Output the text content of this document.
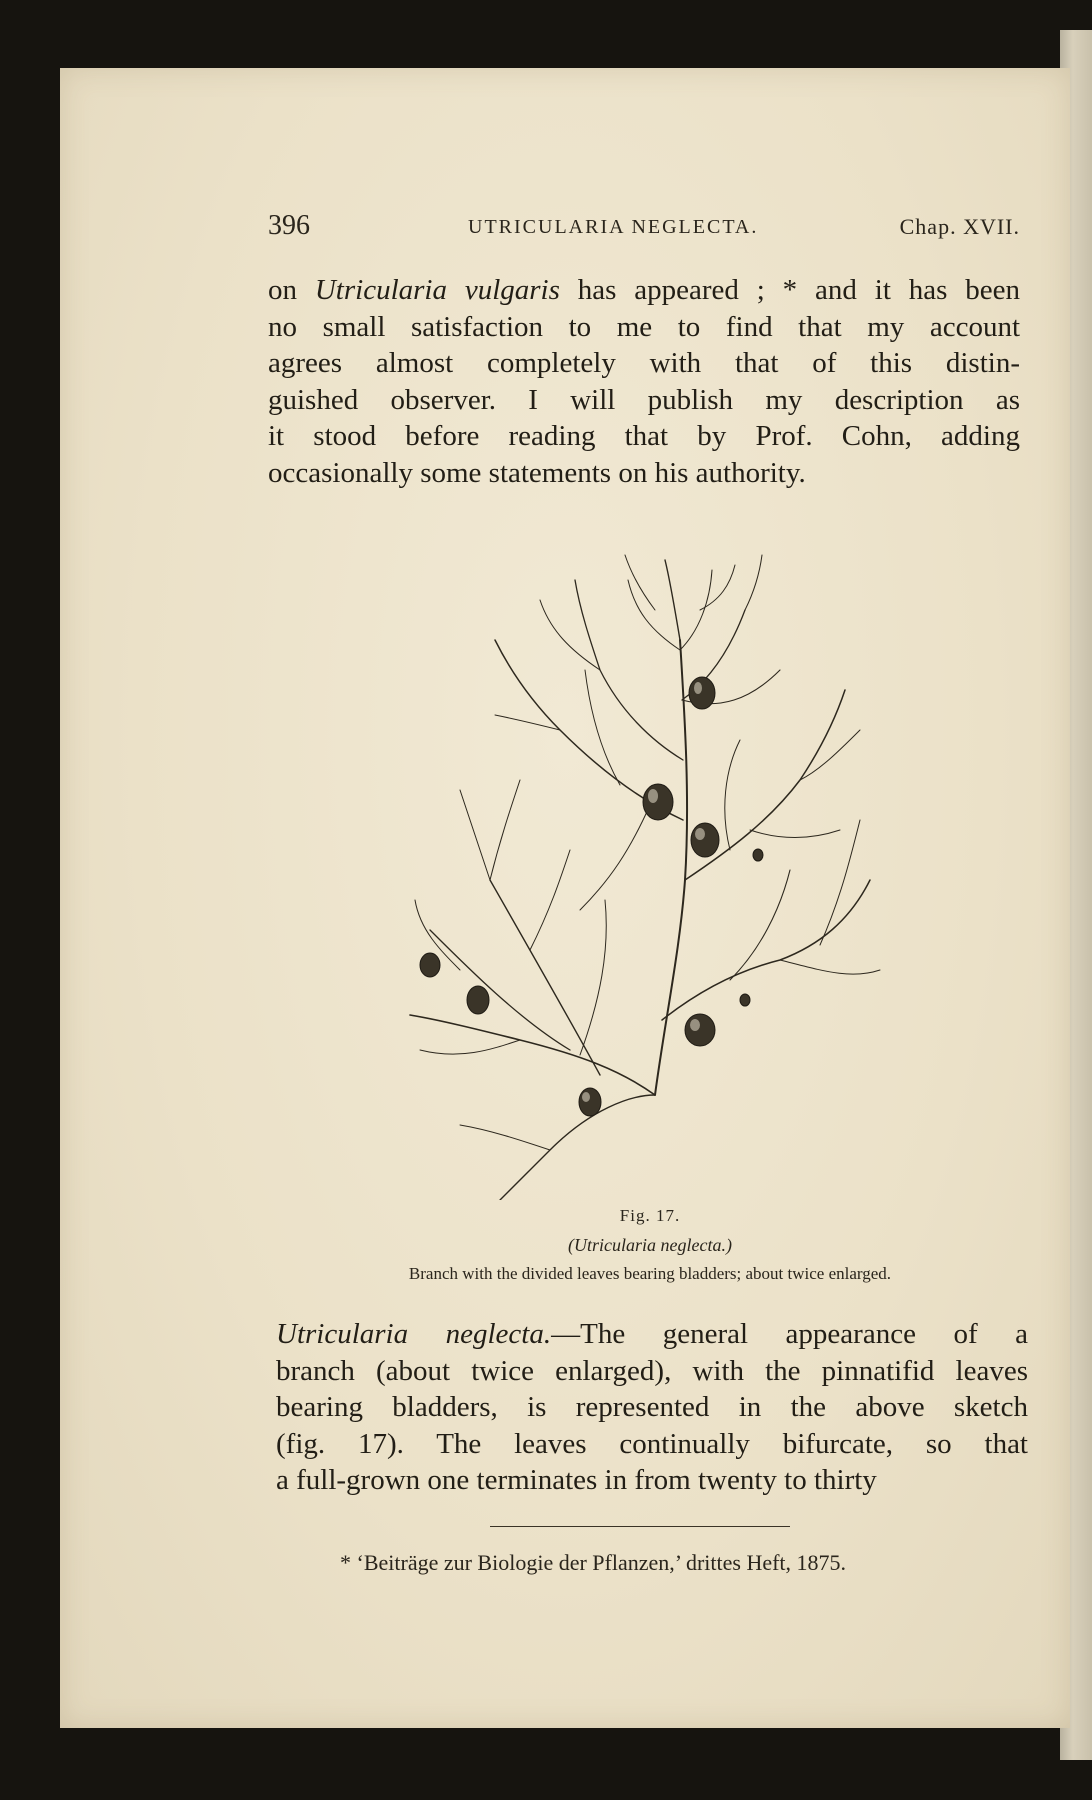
396	UTRICULARIA NEGLECTA.	Chap. XVII.
on Utricularia vulgaris has appeared ; * and it has been
no small satisfaction to me to find that my account
agrees almost completely with that of this distin-
guished observer. I will publish my description as
it stood before reading that by Prof. Cohn, adding
occasionally some statements on his authority.
Fig. 17.
(Utricularia neglecta.)
Branch with the divided leaves bearing bladders; about twice enlarged.
Utricularia neglecta.—The general appearance of a
branch (about twice enlarged), with the pinnatifid leaves
bearing bladders, is represented in the above sketch
(fig. 17). The leaves continually bifurcate, so that
a full-grown one terminates in from twenty to thirty
* ‘Beiträge zur Biologie der Pflanzen,’ drittes Heft, 1875.
